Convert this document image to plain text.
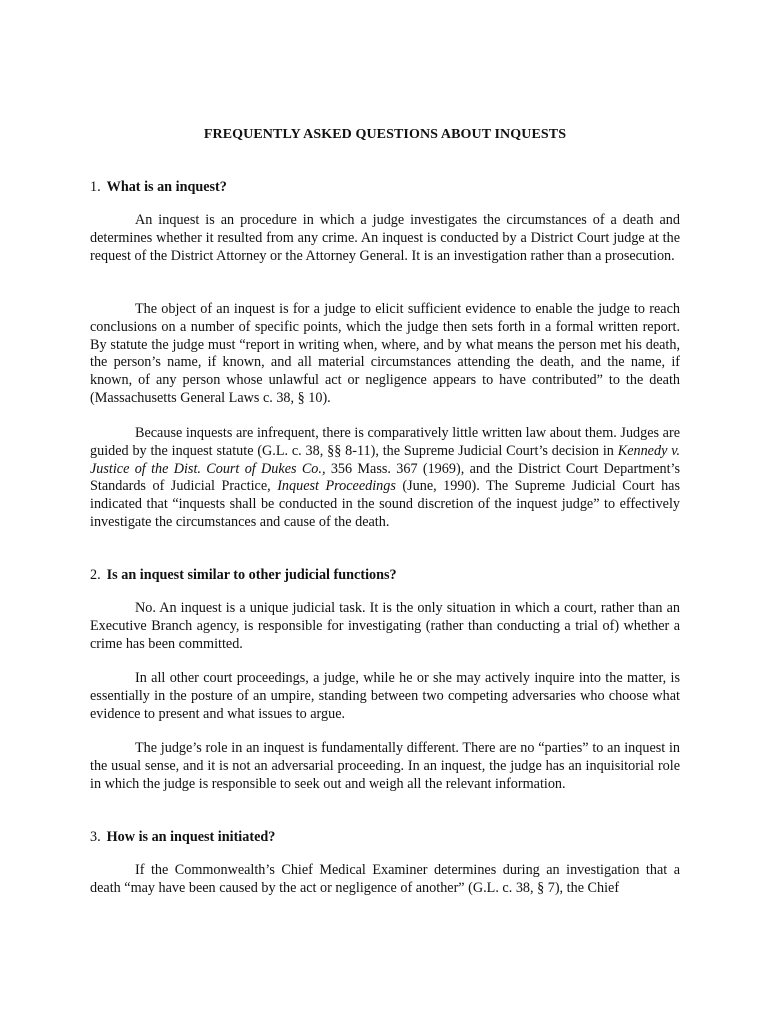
FREQUENTLY ASKED QUESTIONS ABOUT INQUESTS
1. What is an inquest?
An inquest is an procedure in which a judge investigates the circumstances of a death and determines whether it resulted from any crime. An inquest is conducted by a District Court judge at the request of the District Attorney or the Attorney General. It is an investigation rather than a prosecution.
The object of an inquest is for a judge to elicit sufficient evidence to enable the judge to reach conclusions on a number of specific points, which the judge then sets forth in a formal written report. By statute the judge must “report in writing when, where, and by what means the person met his death, the person’s name, if known, and all material circumstances attending the death, and the name, if known, of any person whose unlawful act or negligence appears to have contributed” to the death (Massachusetts General Laws c. 38, § 10).
Because inquests are infrequent, there is comparatively little written law about them. Judges are guided by the inquest statute (G.L. c. 38, §§ 8-11), the Supreme Judicial Court’s decision in Kennedy v. Justice of the Dist. Court of Dukes Co., 356 Mass. 367 (1969), and the District Court Department’s Standards of Judicial Practice, Inquest Proceedings (June, 1990). The Supreme Judicial Court has indicated that “inquests shall be conducted in the sound discretion of the inquest judge” to effectively investigate the circumstances and cause of the death.
2. Is an inquest similar to other judicial functions?
No. An inquest is a unique judicial task. It is the only situation in which a court, rather than an Executive Branch agency, is responsible for investigating (rather than conducting a trial of) whether a crime has been committed.
In all other court proceedings, a judge, while he or she may actively inquire into the matter, is essentially in the posture of an umpire, standing between two competing adversaries who choose what evidence to present and what issues to argue.
The judge’s role in an inquest is fundamentally different. There are no “parties” to an inquest in the usual sense, and it is not an adversarial proceeding. In an inquest, the judge has an inquisitorial role in which the judge is responsible to seek out and weigh all the relevant information.
3. How is an inquest initiated?
If the Commonwealth’s Chief Medical Examiner determines during an investigation that a death “may have been caused by the act or negligence of another” (G.L. c. 38, § 7), the Chief
